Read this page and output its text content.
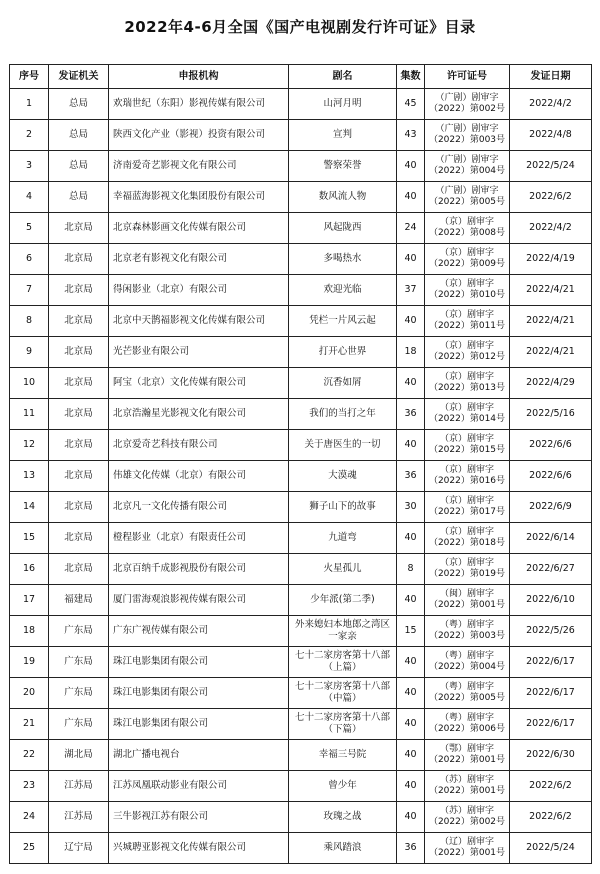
2022年4-6月全国《国产电视剧发行许可证》目录
序号	发证机关	申报机构	剧名	集数	许可证号	发证日期
1	总局	欢瑞世纪（东阳）影视传媒有限公司	山河月明	45	（广剧）剧审字（2022）第002号	2022/4/2
2	总局	陕西文化产业（影视）投资有限公司	宣判	43	（广剧）剧审字（2022）第003号	2022/4/8
3	总局	济南爱奇艺影视文化有限公司	警察荣誉	40	（广剧）剧审字（2022）第004号	2022/5/24
4	总局	幸福蓝海影视文化集团股份有限公司	数风流人物	40	（广剧）剧审字（2022）第005号	2022/6/2
5	北京局	北京森林影画文化传媒有限公司	风起陇西	24	（京）剧审字（2022）第008号	2022/4/2
6	北京局	北京老有影视文化有限公司	多喝热水	40	（京）剧审字（2022）第009号	2022/4/19
7	北京局	得闲影业（北京）有限公司	欢迎光临	37	（京）剧审字（2022）第010号	2022/4/21
8	北京局	北京中天鹊福影视文化传媒有限公司	凭栏一片风云起	40	（京）剧审字（2022）第011号	2022/4/21
9	北京局	光芒影业有限公司	打开心世界	18	（京）剧审字（2022）第012号	2022/4/21
10	北京局	阿宝（北京）文化传媒有限公司	沉香如屑	40	（京）剧审字（2022）第013号	2022/4/29
11	北京局	北京浩瀚星光影视文化有限公司	我们的当打之年	36	（京）剧审字（2022）第014号	2022/5/16
12	北京局	北京爱奇艺科技有限公司	关于唐医生的一切	40	（京）剧审字（2022）第015号	2022/6/6
13	北京局	伟雄文化传媒（北京）有限公司	大漠魂	36	（京）剧审字（2022）第016号	2022/6/6
14	北京局	北京凡一文化传播有限公司	狮子山下的故事	30	（京）剧审字（2022）第017号	2022/6/9
15	北京局	橙程影业（北京）有限责任公司	九道弯	40	（京）剧审字（2022）第018号	2022/6/14
16	北京局	北京百纳千成影视股份有限公司	火星孤儿	8	（京）剧审字（2022）第019号	2022/6/27
17	福建局	厦门雷海观浪影视传媒有限公司	少年派(第二季)	40	（闽）剧审字（2022）第001号	2022/6/10
18	广东局	广东广视传媒有限公司	外来媳妇本地郎之湾区一家亲	15	（粤）剧审字（2022）第003号	2022/5/26
19	广东局	珠江电影集团有限公司	七十二家房客第十八部（上篇）	40	（粤）剧审字（2022）第004号	2022/6/17
20	广东局	珠江电影集团有限公司	七十二家房客第十八部（中篇）	40	（粤）剧审字（2022）第005号	2022/6/17
21	广东局	珠江电影集团有限公司	七十二家房客第十八部（下篇）	40	（粤）剧审字（2022）第006号	2022/6/17
22	湖北局	湖北广播电视台	幸福三号院	40	（鄂）剧审字（2022）第001号	2022/6/30
23	江苏局	江苏凤凰联动影业有限公司	曾少年	40	（苏）剧审字（2022）第001号	2022/6/2
24	江苏局	三牛影视江苏有限公司	玫瑰之战	40	（苏）剧审字（2022）第002号	2022/6/2
25	辽宁局	兴城聘亚影视文化传媒有限公司	乘风踏浪	36	（辽）剧审字（2022）第001号	2022/5/24
